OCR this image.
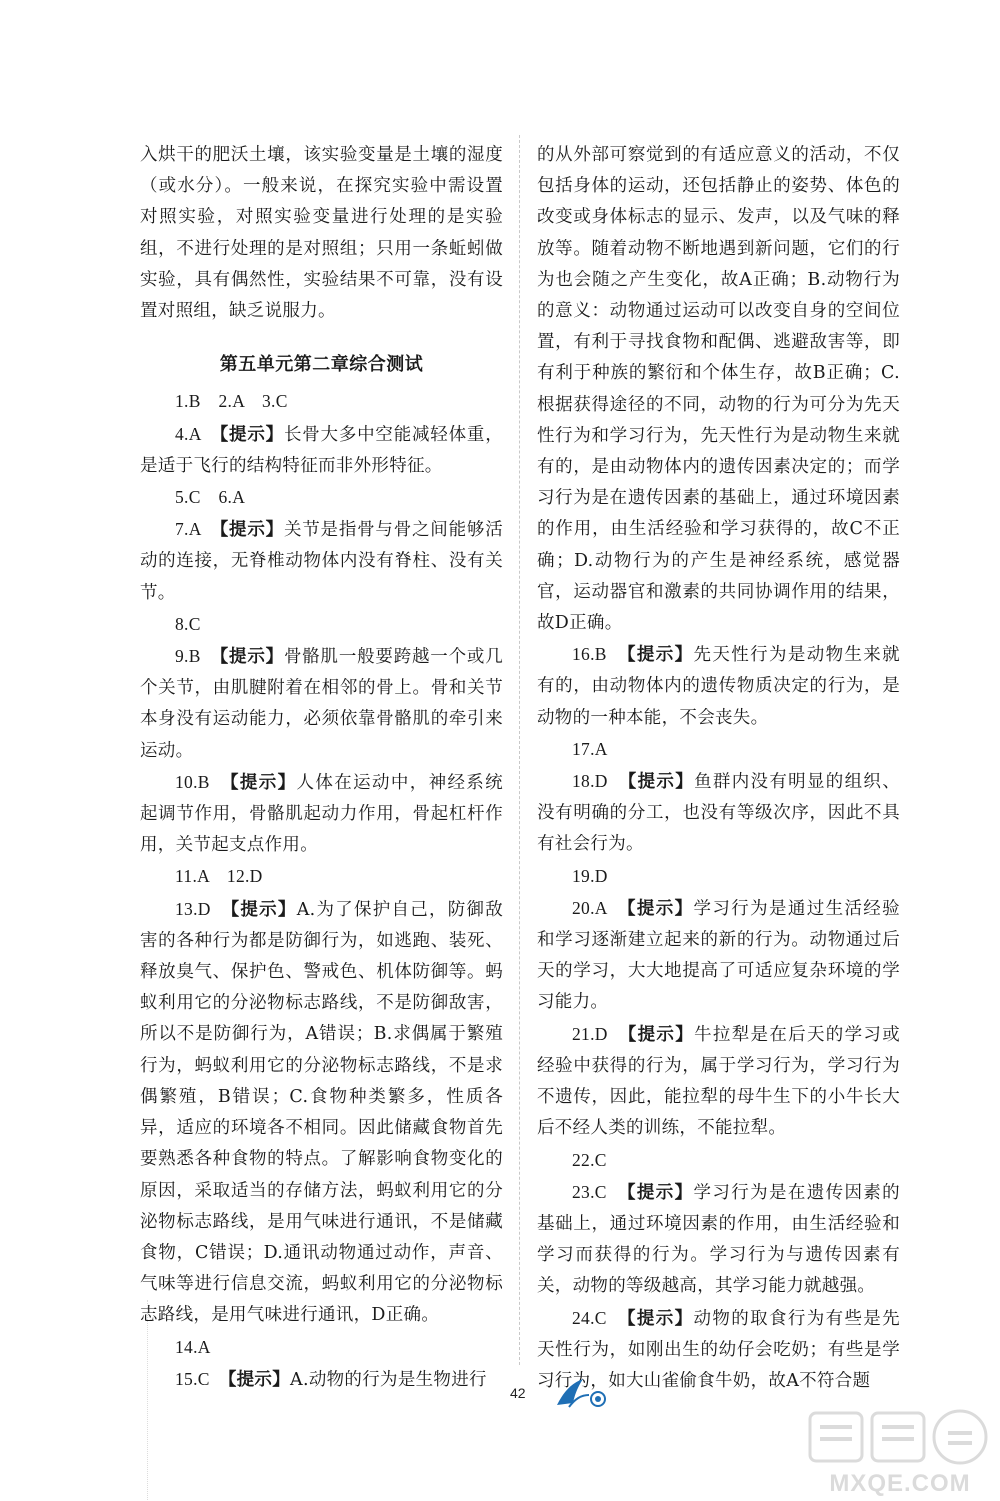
入烘干的肥沃土壤，该实验变量是土壤的湿度（或水分）。一般来说，在探究实验中需设置对照实验，对照实验变量进行处理的是实验组，不进行处理的是对照组；只用一条蚯蚓做实验，具有偶然性，实验结果不可靠，没有设置对照组，缺乏说服力。

第五单元第二章综合测试

1.B　2.A　3.C

4.A　【提示】长骨大多中空能减轻体重，是适于飞行的结构特征而非外形特征。

5.C　6.A

7.A　【提示】关节是指骨与骨之间能够活动的连接，无脊椎动物体内没有脊柱、没有关节。

8.C

9.B　【提示】骨骼肌一般要跨越一个或几个关节，由肌腱附着在相邻的骨上。骨和关节本身没有运动能力，必须依靠骨骼肌的牵引来运动。

10.B　【提示】人体在运动中，神经系统起调节作用，骨骼肌起动力作用，骨起杠杆作用，关节起支点作用。

11.A　12.D

13.D　【提示】A.为了保护自己，防御敌害的各种行为都是防御行为，如逃跑、装死、释放臭气、保护色、警戒色、机体防御等。蚂蚁利用它的分泌物标志路线，不是防御敌害，所以不是防御行为，A错误；B.求偶属于繁殖行为，蚂蚁利用它的分泌物标志路线，不是求偶繁殖，B错误；C.食物种类繁多，性质各异，适应的环境各不相同。因此储藏食物首先要熟悉各种食物的特点。了解影响食物变化的原因，采取适当的存储方法，蚂蚁利用它的分泌物标志路线，是用气味进行通讯，不是储藏食物，C错误；D.通讯动物通过动作，声音、气味等进行信息交流，蚂蚁利用它的分泌物标志路线，是用气味进行通讯，D正确。

14.A

15.C　【提示】A.动物的行为是生物进行

的从外部可察觉到的有适应意义的活动，不仅包括身体的运动，还包括静止的姿势、体色的改变或身体标志的显示、发声，以及气味的释放等。随着动物不断地遇到新问题，它们的行为也会随之产生变化，故A正确；B.动物行为的意义：动物通过运动可以改变自身的空间位置，有利于寻找食物和配偶、逃避敌害等，即有利于种族的繁衍和个体生存，故B正确；C.根据获得途径的不同，动物的行为可分为先天性行为和学习行为，先天性行为是动物生来就有的，是由动物体内的遗传因素决定的；而学习行为是在遗传因素的基础上，通过环境因素的作用，由生活经验和学习获得的，故C不正确；D.动物行为的产生是神经系统，感觉器官，运动器官和激素的共同协调作用的结果，故D正确。

16.B　【提示】先天性行为是动物生来就有的，由动物体内的遗传物质决定的行为，是动物的一种本能，不会丧失。

17.A

18.D　【提示】鱼群内没有明显的组织、没有明确的分工，也没有等级次序，因此不具有社会行为。

19.D

20.A　【提示】学习行为是通过生活经验和学习逐渐建立起来的新的行为。动物通过后天的学习，大大地提高了可适应复杂环境的学习能力。

21.D　【提示】牛拉犁是在后天的学习或经验中获得的行为，属于学习行为，学习行为不遗传，因此，能拉犁的母牛生下的小牛长大后不经人类的训练，不能拉犁。

22.C

23.C　【提示】学习行为是在遗传因素的基础上，通过环境因素的作用，由生活经验和学习而获得的行为。学习行为与遗传因素有关，动物的等级越高，其学习能力就越强。

24.C　【提示】动物的取食行为有些是先天性行为，如刚出生的幼仔会吃奶；有些是学习行为，如大山雀偷食牛奶，故A不符合题

42
MXQE.COM
